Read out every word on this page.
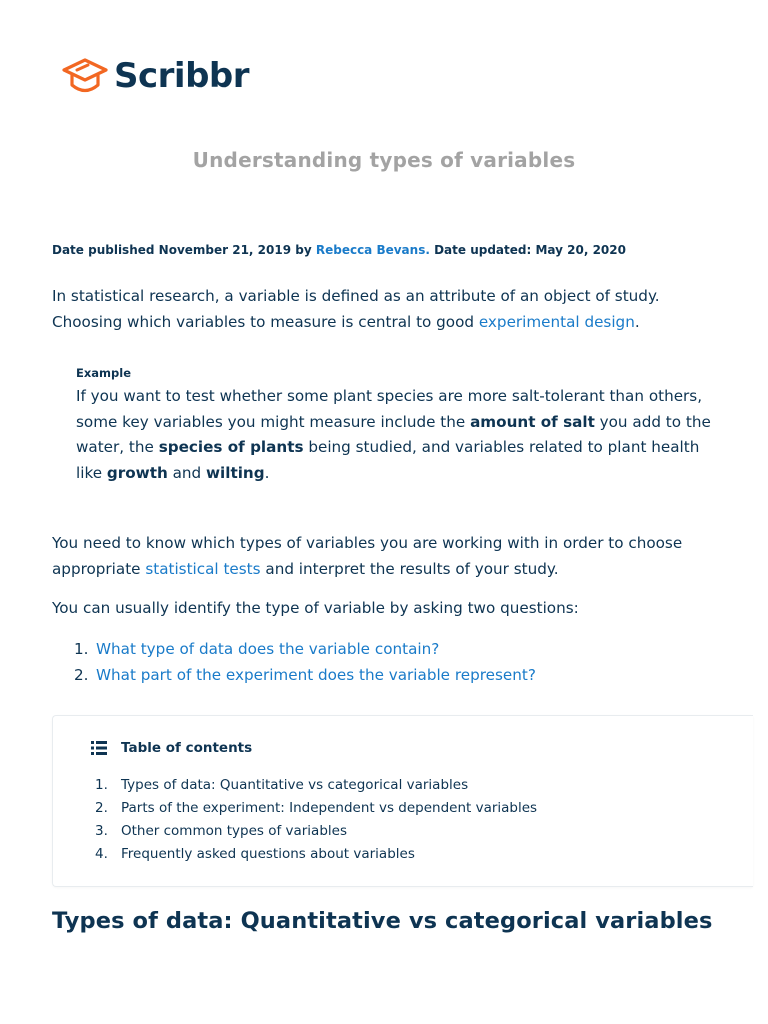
Scribbr
Understanding types of variables
Date published November 21, 2019 by Rebecca Bevans. Date updated: May 20, 2020
In statistical research, a variable is defined as an attribute of an object of study. Choosing which variables to measure is central to good experimental design.
Example
If you want to test whether some plant species are more salt-tolerant than others, some key variables you might measure include the amount of salt you add to the water, the species of plants being studied, and variables related to plant health like growth and wilting.
You need to know which types of variables you are working with in order to choose appropriate statistical tests and interpret the results of your study.
You can usually identify the type of variable by asking two questions:
1. What type of data does the variable contain?
2. What part of the experiment does the variable represent?
Table of contents
1. Types of data: Quantitative vs categorical variables
2. Parts of the experiment: Independent vs dependent variables
3. Other common types of variables
4. Frequently asked questions about variables
Types of data: Quantitative vs categorical variables
